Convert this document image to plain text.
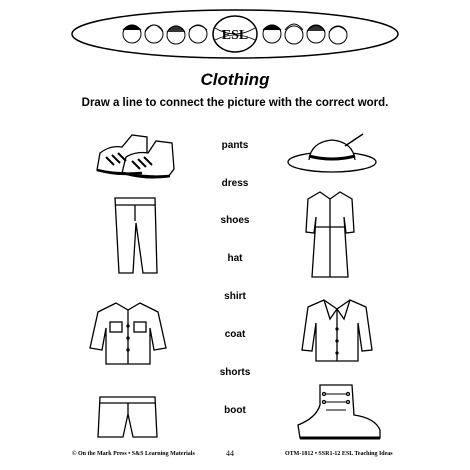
ESL
Clothing
Draw a line to connect the picture with the correct word.
pants
dress
shoes
hat
shirt
coat
shorts
boot
© On the Mark Press • S&S Learning Materials	44	OTM-1812 • SSR1-12 ESL Teaching Ideas
